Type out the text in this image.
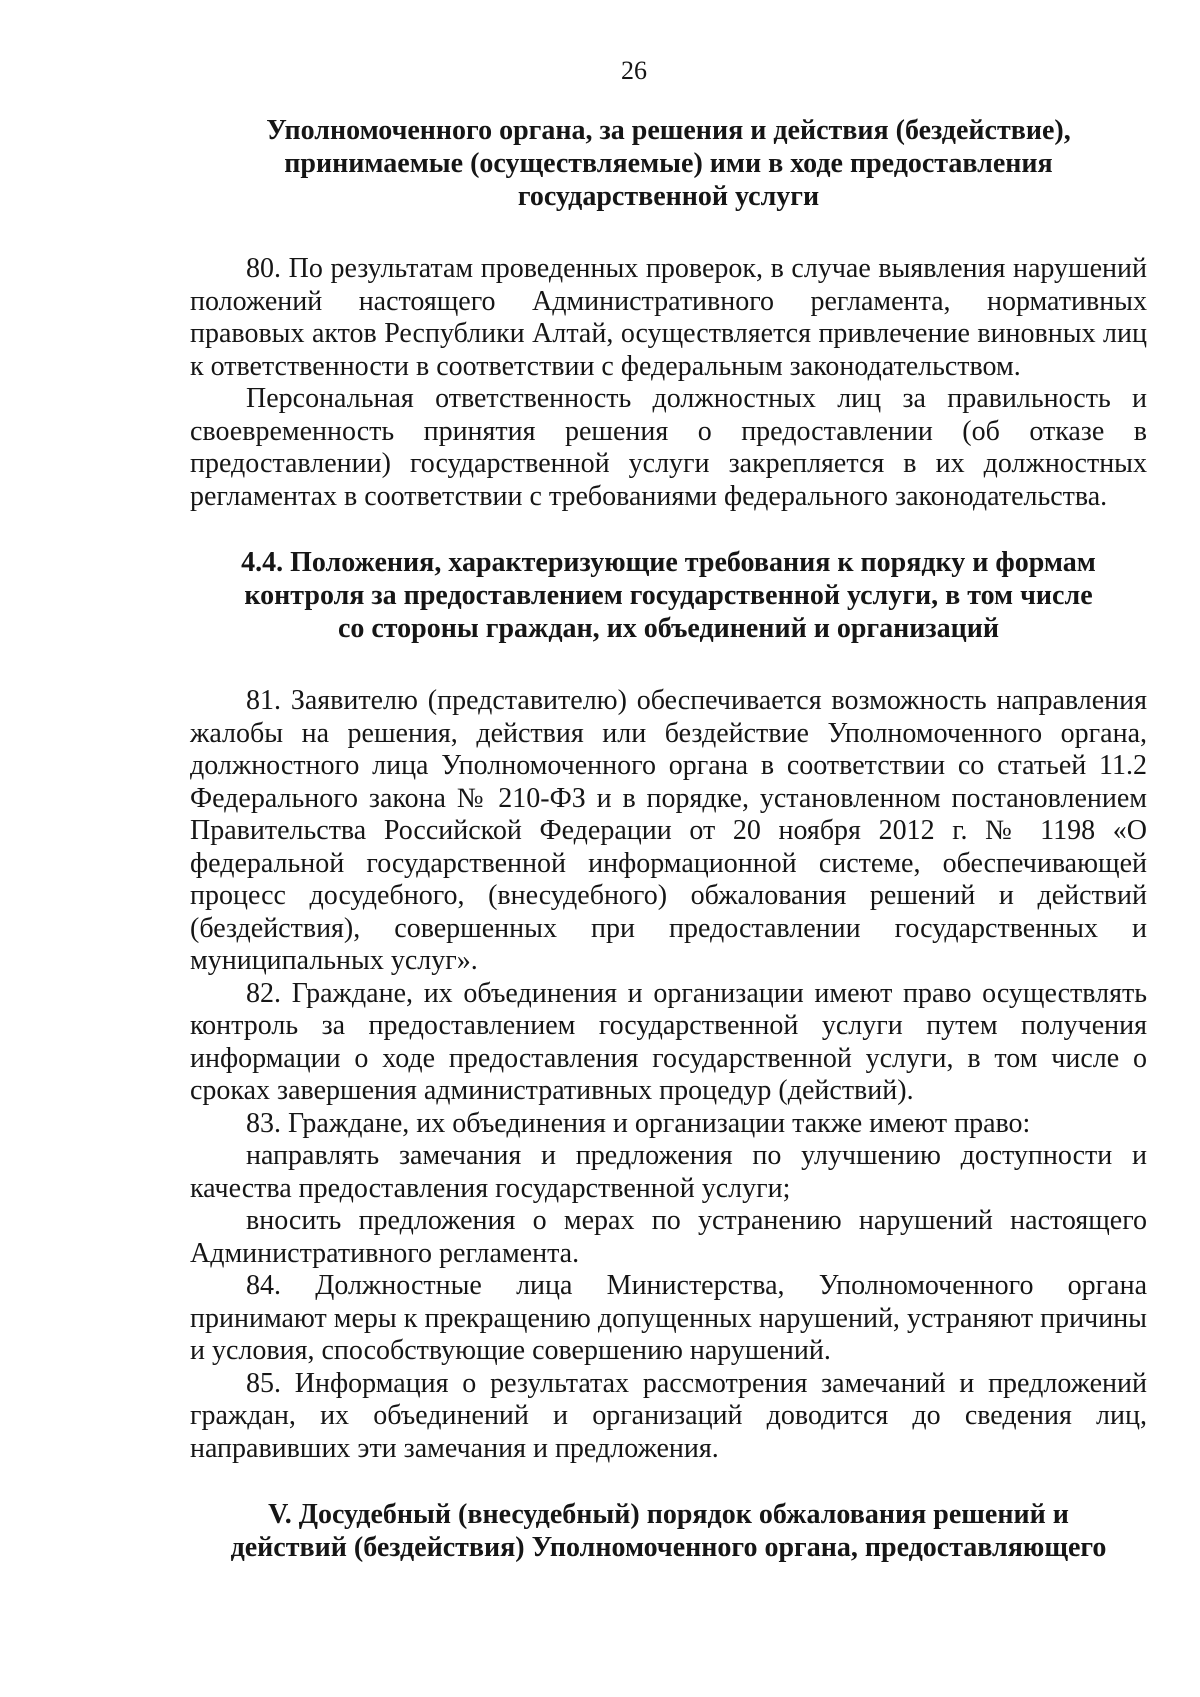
26
Уполномоченного органа, за решения и действия (бездействие),
принимаемые (осуществляемые) ими в ходе предоставления
государственной услуги

80. По результатам проведенных проверок, в случае выявления нарушений положений настоящего Административного регламента, нормативных правовых актов Республики Алтай, осуществляется привлечение виновных лиц к ответственности в соответствии с федеральным законодательством.

Персональная ответственность должностных лиц за правильность и своевременность принятия решения о предоставлении (об отказе в предоставлении) государственной услуги закрепляется в их должностных регламентах в соответствии с требованиями федерального законодательства.

4.4. Положения, характеризующие требования к порядку и формам
контроля за предоставлением государственной услуги, в том числе
со стороны граждан, их объединений и организаций

81. Заявителю (представителю) обеспечивается возможность направления жалобы на решения, действия или бездействие Уполномоченного органа, должностного лица Уполномоченного органа в соответствии со статьей 11.2 Федерального закона № 210-ФЗ и в порядке, установленном постановлением Правительства Российской Федерации от 20 ноября 2012 г. № 1198 «О федеральной государственной информационной системе, обеспечивающей процесс досудебного, (внесудебного) обжалования решений и действий (бездействия), совершенных при предоставлении государственных и муниципальных услуг».

82. Граждане, их объединения и организации имеют право осуществлять контроль за предоставлением государственной услуги путем получения информации о ходе предоставления государственной услуги, в том числе о сроках завершения административных процедур (действий).

83. Граждане, их объединения и организации также имеют право:

направлять замечания и предложения по улучшению доступности и качества предоставления государственной услуги;

вносить предложения о мерах по устранению нарушений настоящего Административного регламента.

84. Должностные лица Министерства, Уполномоченного органа принимают меры к прекращению допущенных нарушений, устраняют причины и условия, способствующие совершению нарушений.

85. Информация о результатах рассмотрения замечаний и предложений граждан, их объединений и организаций доводится до сведения лиц, направивших эти замечания и предложения.

V. Досудебный (внесудебный) порядок обжалования решений и
действий (бездействия) Уполномоченного органа, предоставляющего
